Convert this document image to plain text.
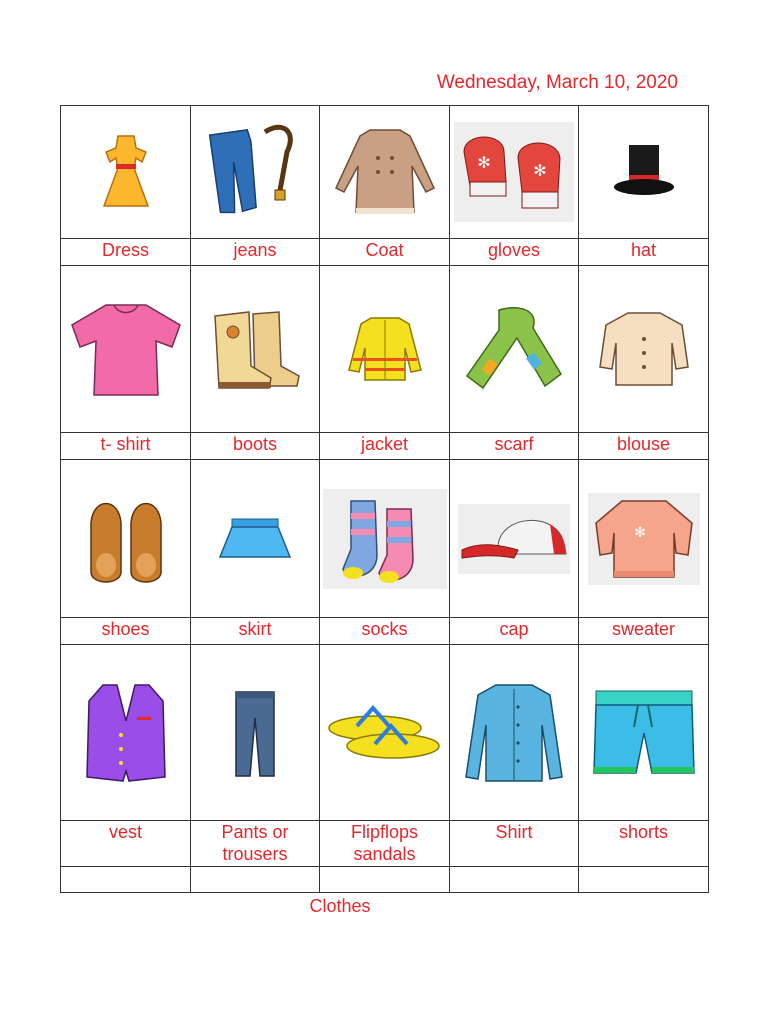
Wednesday, March 10, 2020

✻ ✻

Dress	jeans	Coat	gloves	hat

t- shirt	boots	jacket	scarf	blouse

✻

shoes	skirt	socks	cap	sweater

vest	Pants or trousers	Flipflops sandals	Shirt	shorts

Clothes
